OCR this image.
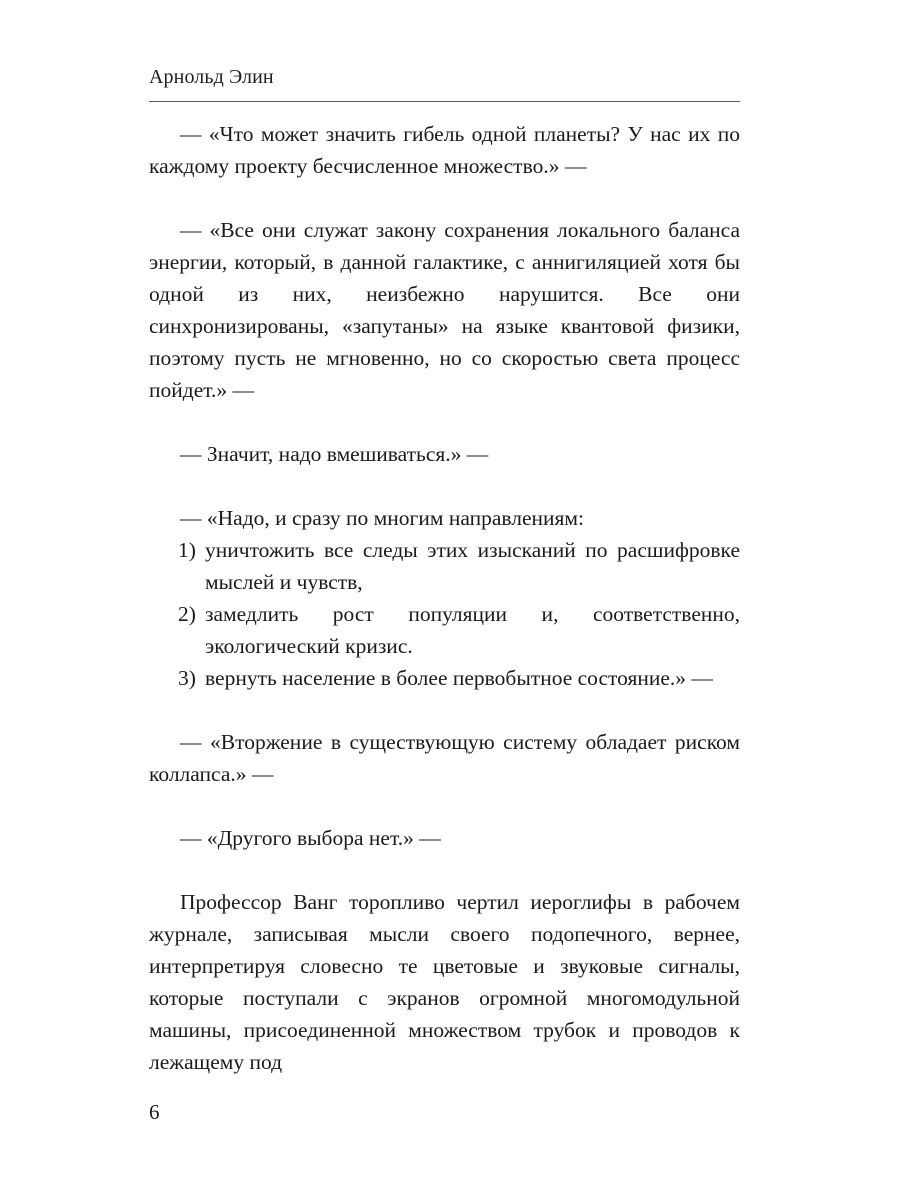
Арнольд Элин

— «Что может значить гибель одной планеты? У нас их по каждому проекту бесчисленное множество.» —

— «Все они служат закону сохранения локального баланса энергии, который, в данной галактике, с аннигиляцией хотя бы одной из них, неизбежно нарушится. Все они синхронизированы, «запутаны» на языке квантовой физики, поэтому пусть не мгновенно, но со скоростью света процесс пойдет.» —

— Значит, надо вмешиваться.» —

— «Надо, и сразу по многим направлениям:

1) уничтожить все следы этих изысканий по расшифровке мыслей и чувств,
2) замедлить рост популяции и, соответственно, экологический кризис.
3) вернуть население в более первобытное состояние.» —

— «Вторжение в существующую систему обладает риском коллапса.» —

— «Другого выбора нет.» —

Профессор Ванг торопливо чертил иероглифы в рабочем журнале, записывая мысли своего подопечного, вернее, интерпретируя словесно те цветовые и звуковые сигналы, которые поступали с экранов огромной многомодульной машины, присоединенной множеством трубок и проводов к лежащему под

6
